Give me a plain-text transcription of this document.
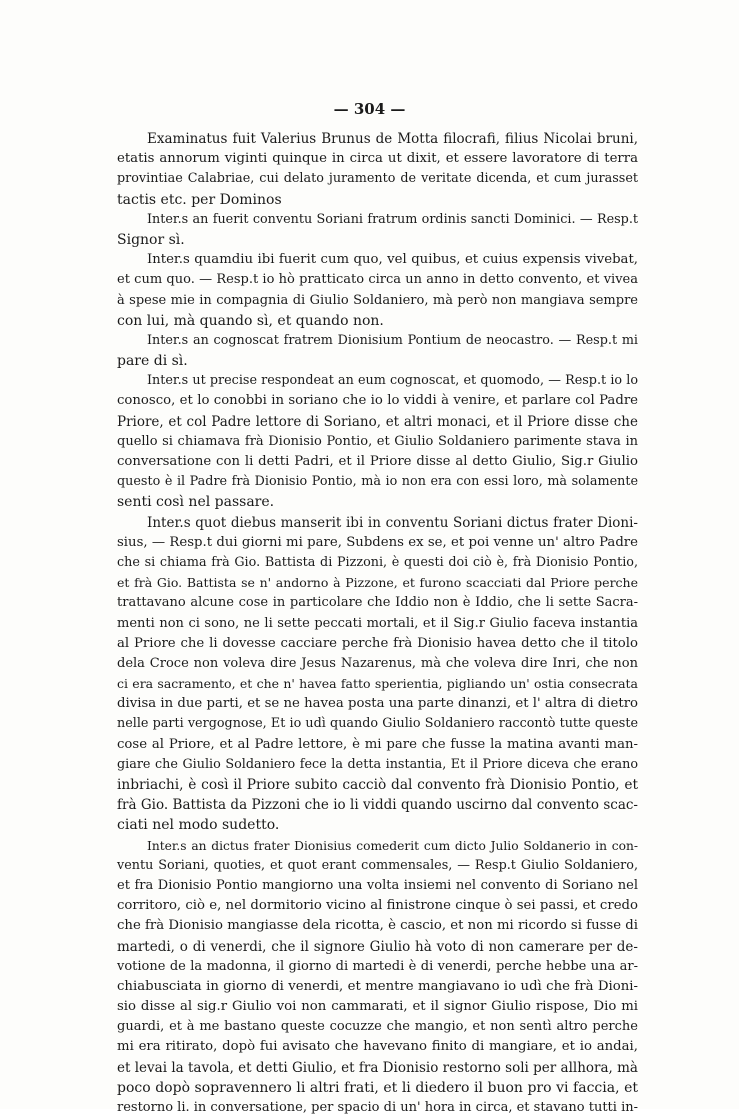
— 304 —
Examinatus fuit Valerius Brunus de Motta filocrafi, filius Nicolai bruni,
etatis annorum viginti quinque in circa ut dixit, et essere lavoratore di terra
provintiae Calabriae, cui delato juramento de veritate dicenda, et cum jurasset
tactis etc. per Dominos
Inter.s an fuerit conventu Soriani fratrum ordinis sancti Dominici. — Resp.t
Signor sì.
Inter.s quamdiu ibi fuerit cum quo, vel quibus, et cuius expensis vivebat,
et cum quo. — Resp.t io hò pratticato circa un anno in detto convento, et vivea
à spese mie in compagnia di Giulio Soldaniero, mà però non mangiava sempre
con lui, mà quando sì, et quando non.
Inter.s an cognoscat fratrem Dionisium Pontium de neocastro. — Resp.t mi
pare di sì.
Inter.s ut precise respondeat an eum cognoscat, et quomodo, — Resp.t io lo
conosco, et lo conobbi in soriano che io lo viddi à venire, et parlare col Padre
Priore, et col Padre lettore di Soriano, et altri monaci, et il Priore disse che
quello si chiamava frà Dionisio Pontio, et Giulio Soldaniero parimente stava in
conversatione con li detti Padri, et il Priore disse al detto Giulio, Sig.r Giulio
questo è il Padre frà Dionisio Pontio, mà io non era con essi loro, mà solamente
senti così nel passare.
Inter.s quot diebus manserit ibi in conventu Soriani dictus frater Dioni-
sius, — Resp.t dui giorni mi pare, Subdens ex se, et poi venne un' altro Padre
che si chiama frà Gio. Battista di Pizzoni, è questi doi ciò è, frà Dionisio Pontio,
et frà Gio. Battista se n' andorno à Pizzone, et furono scacciati dal Priore perche
trattavano alcune cose in particolare che Iddio non è Iddio, che li sette Sacra-
menti non ci sono, ne li sette peccati mortali, et il Sig.r Giulio faceva instantia
al Priore che li dovesse cacciare perche frà Dionisio havea detto che il titolo
dela Croce non voleva dire Jesus Nazarenus, mà che voleva dire Inri, che non
ci era sacramento, et che n' havea fatto sperientia, pigliando un' ostia consecrata
divisa in due parti, et se ne havea posta una parte dinanzi, et l' altra di dietro
nelle parti vergognose, Et io udì quando Giulio Soldaniero raccontò tutte queste
cose al Priore, et al Padre lettore, è mi pare che fusse la matina avanti man-
giare che Giulio Soldaniero fece la detta instantia, Et il Priore diceva che erano
inbriachi, è così il Priore subito cacciò dal convento frà Dionisio Pontio, et
frà Gio. Battista da Pizzoni che io li viddi quando uscirno dal convento scac-
ciati nel modo sudetto.
Inter.s an dictus frater Dionisius comederit cum dicto Julio Soldanerio in con-
ventu Soriani, quoties, et quot erant commensales, — Resp.t Giulio Soldaniero,
et fra Dionisio Pontio mangiorno una volta insiemi nel convento di Soriano nel
corritoro, ciò e, nel dormitorio vicino al finistrone cinque ò sei passi, et credo
che frà Dionisio mangiasse dela ricotta, è cascio, et non mi ricordo si fusse di
martedi, o di venerdi, che il signore Giulio hà voto di non camerare per de-
votione de la madonna, il giorno di martedi è di venerdi, perche hebbe una ar-
chiabusciata in giorno di venerdi, et mentre mangiavano io udì che frà Dioni-
sio disse al sig.r Giulio voi non cammarati, et il signor Giulio rispose, Dio mi
guardi, et à me bastano queste cocuzze che mangio, et non sentì altro perche
mi era ritirato, dopò fui avisato che havevano finito di mangiare, et io andai,
et levai la tavola, et detti Giulio, et fra Dionisio restorno soli per allhora, mà
poco dopò sopravennero li altri frati, et li diedero il buon pro vi faccia, et
restorno li. in conversatione, per spacio di un' hora in circa, et stavano tutti in-
